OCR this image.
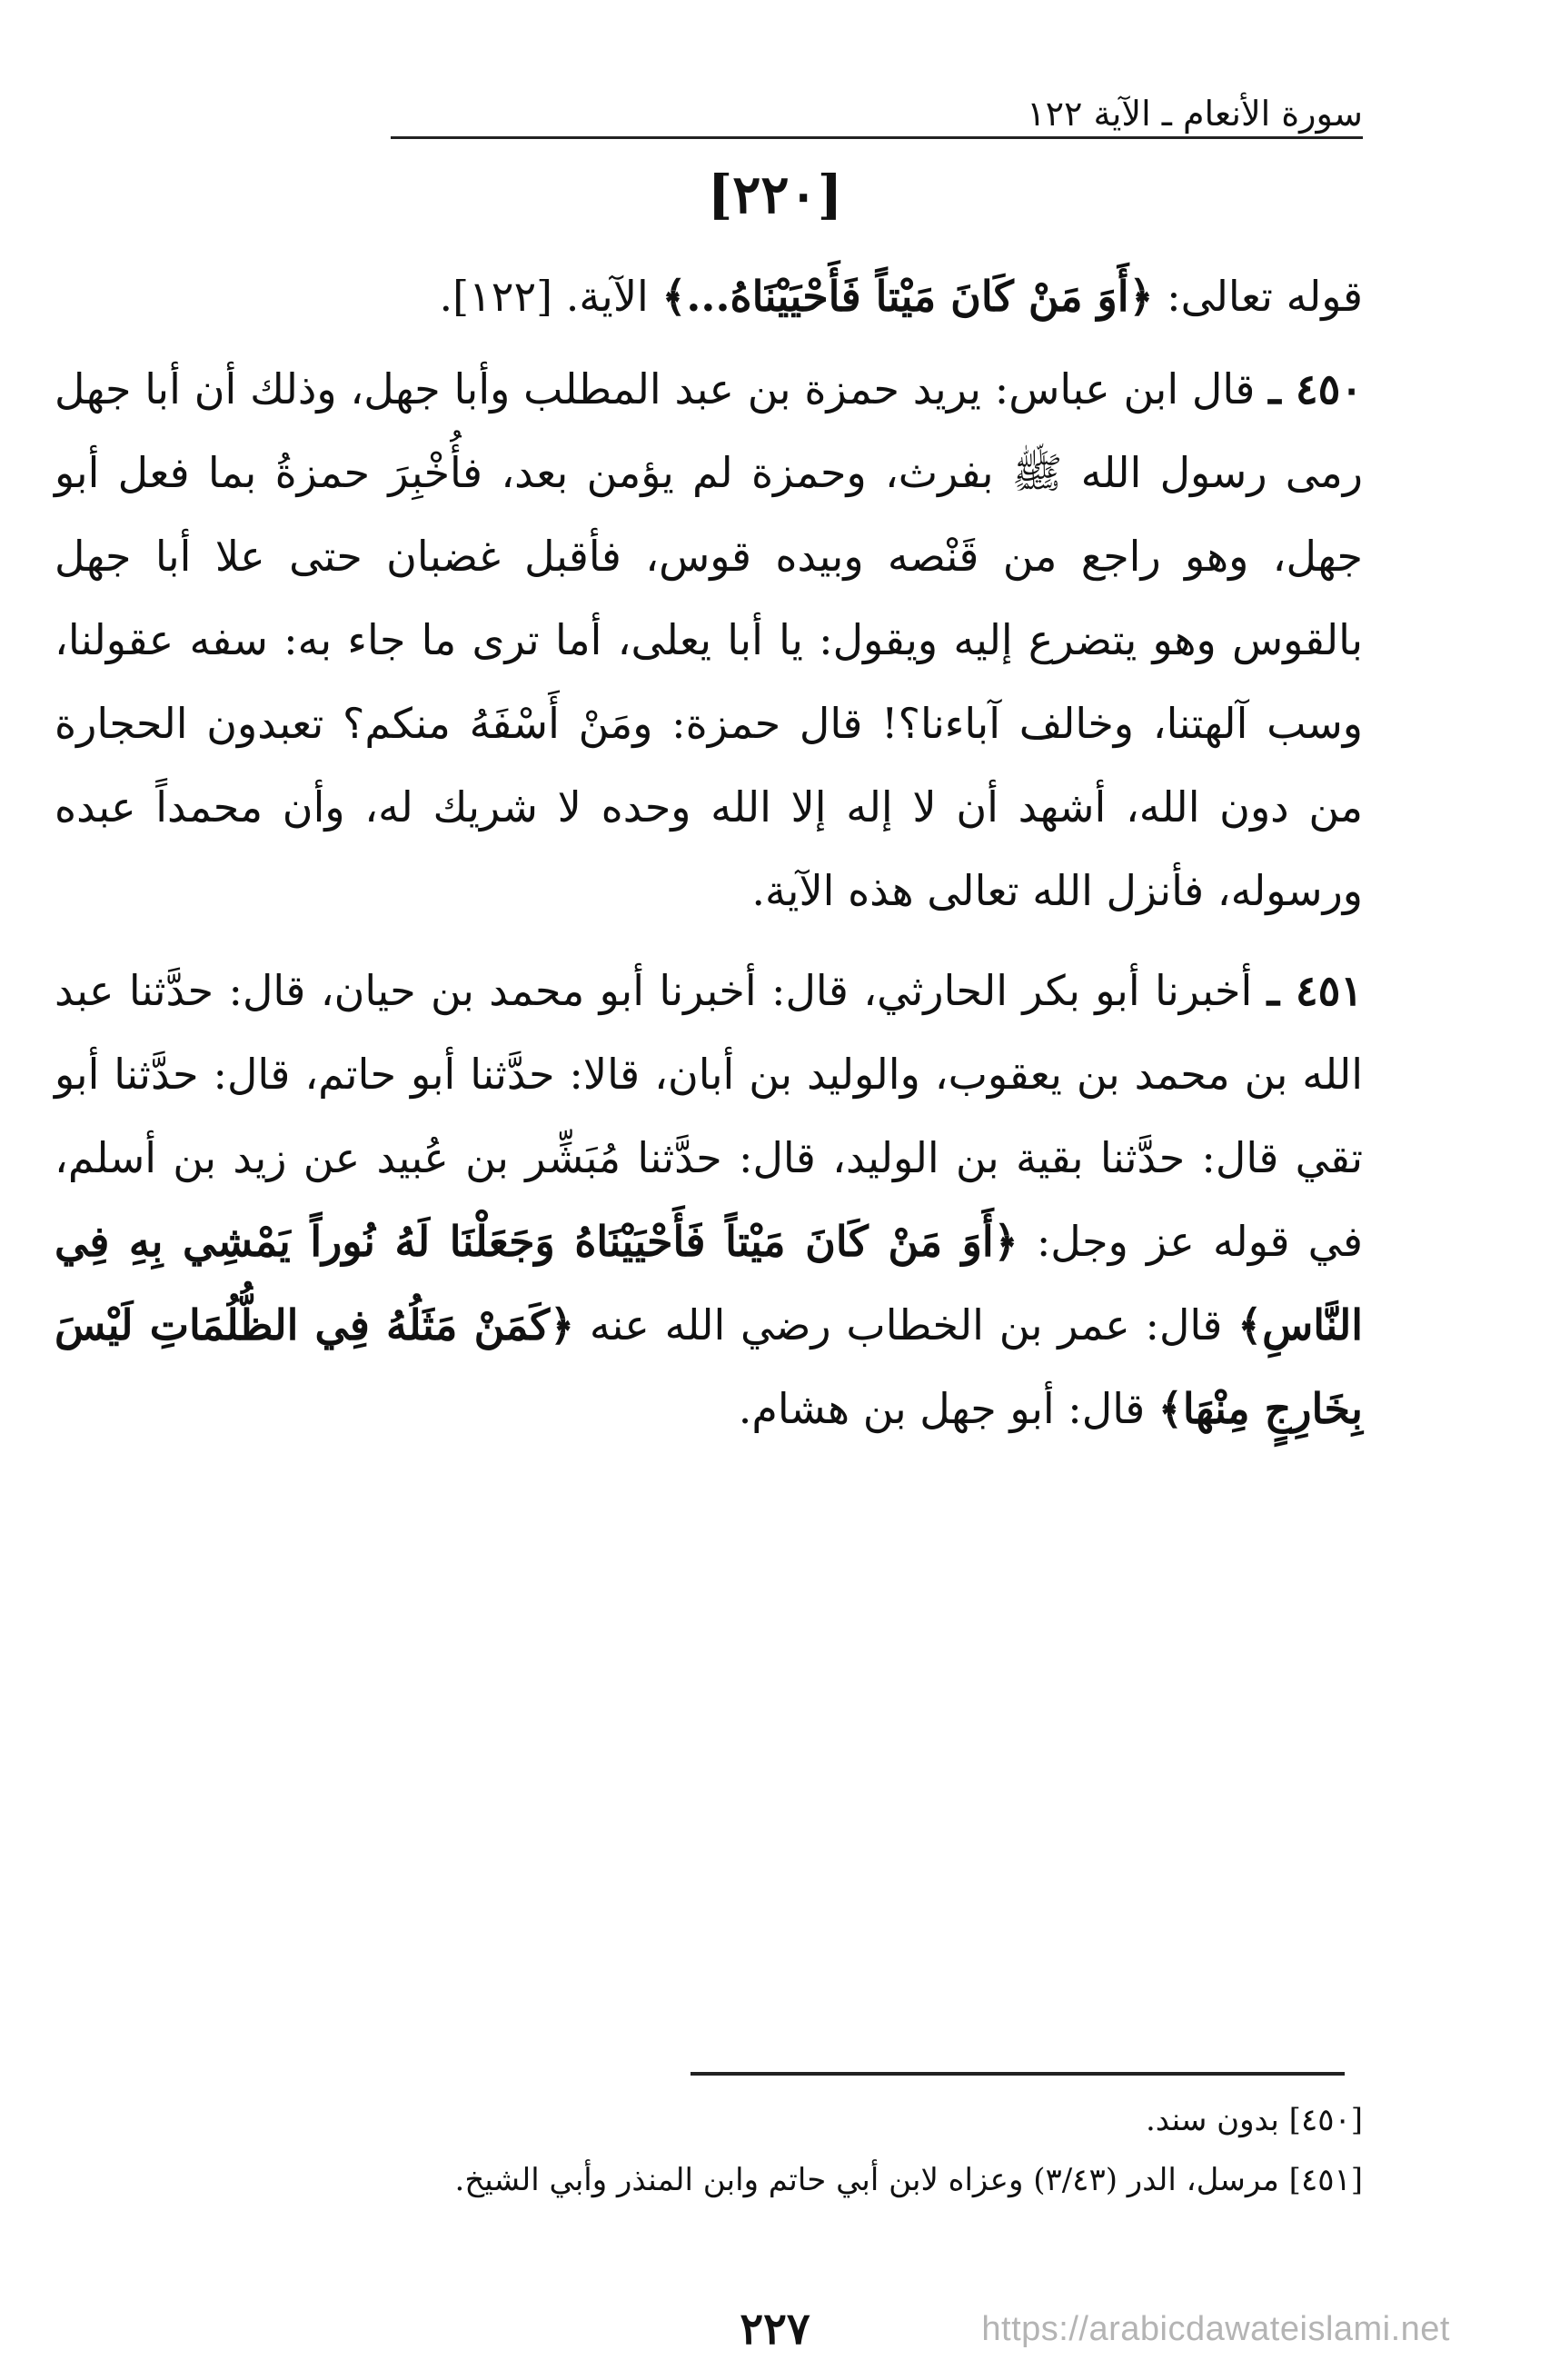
سورة الأنعام ـ الآية ١٢٢
[٢٢٠]

قوله تعالى: ﴿أَوَ مَنْ كَانَ مَيْتاً فَأَحْيَيْنَاهُ...﴾ الآية. [١٢٢].

٤٥٠ ـ قال ابن عباس: يريد حمزة بن عبد المطلب وأبا جهل، وذلك أن أبا جهل رمى رسول الله ﷺ بفرث، وحمزة لم يؤمن بعد، فأُخْبِرَ حمزةُ بما فعل أبو جهل، وهو راجع من قَنْصه وبيده قوس، فأقبل غضبان حتى علا أبا جهل بالقوس وهو يتضرع إليه ويقول: يا أبا يعلى، أما ترى ما جاء به: سفه عقولنا، وسب آلهتنا، وخالف آباءنا؟! قال حمزة: ومَنْ أَسْفَهُ منكم؟ تعبدون الحجارة من دون الله، أشهد أن لا إله إلا الله وحده لا شريك له، وأن محمداً عبده ورسوله، فأنزل الله تعالى هذه الآية.

٤٥١ ـ أخبرنا أبو بكر الحارثي، قال: أخبرنا أبو محمد بن حيان، قال: حدَّثنا عبد الله بن محمد بن يعقوب، والوليد بن أبان، قالا: حدَّثنا أبو حاتم، قال: حدَّثنا أبو تقي قال: حدَّثنا بقية بن الوليد، قال: حدَّثنا مُبَشِّر بن عُبيد عن زيد بن أسلم، في قوله عز وجل: ﴿أَوَ مَنْ كَانَ مَيْتاً فَأَحْيَيْنَاهُ وَجَعَلْنَا لَهُ نُوراً يَمْشِي بِهِ فِي النَّاسِ﴾ قال: عمر بن الخطاب رضي الله عنه ﴿كَمَنْ مَثَلُهُ فِي الظُّلُمَاتِ لَيْسَ بِخَارِجٍ مِنْهَا﴾ قال: أبو جهل بن هشام.

[٤٥٠] بدون سند.

[٤٥١] مرسل، الدر (٣/٤٣) وعزاه لابن أبي حاتم وابن المنذر وأبي الشيخ.

٢٢٧	https://arabicdawateislami.net
